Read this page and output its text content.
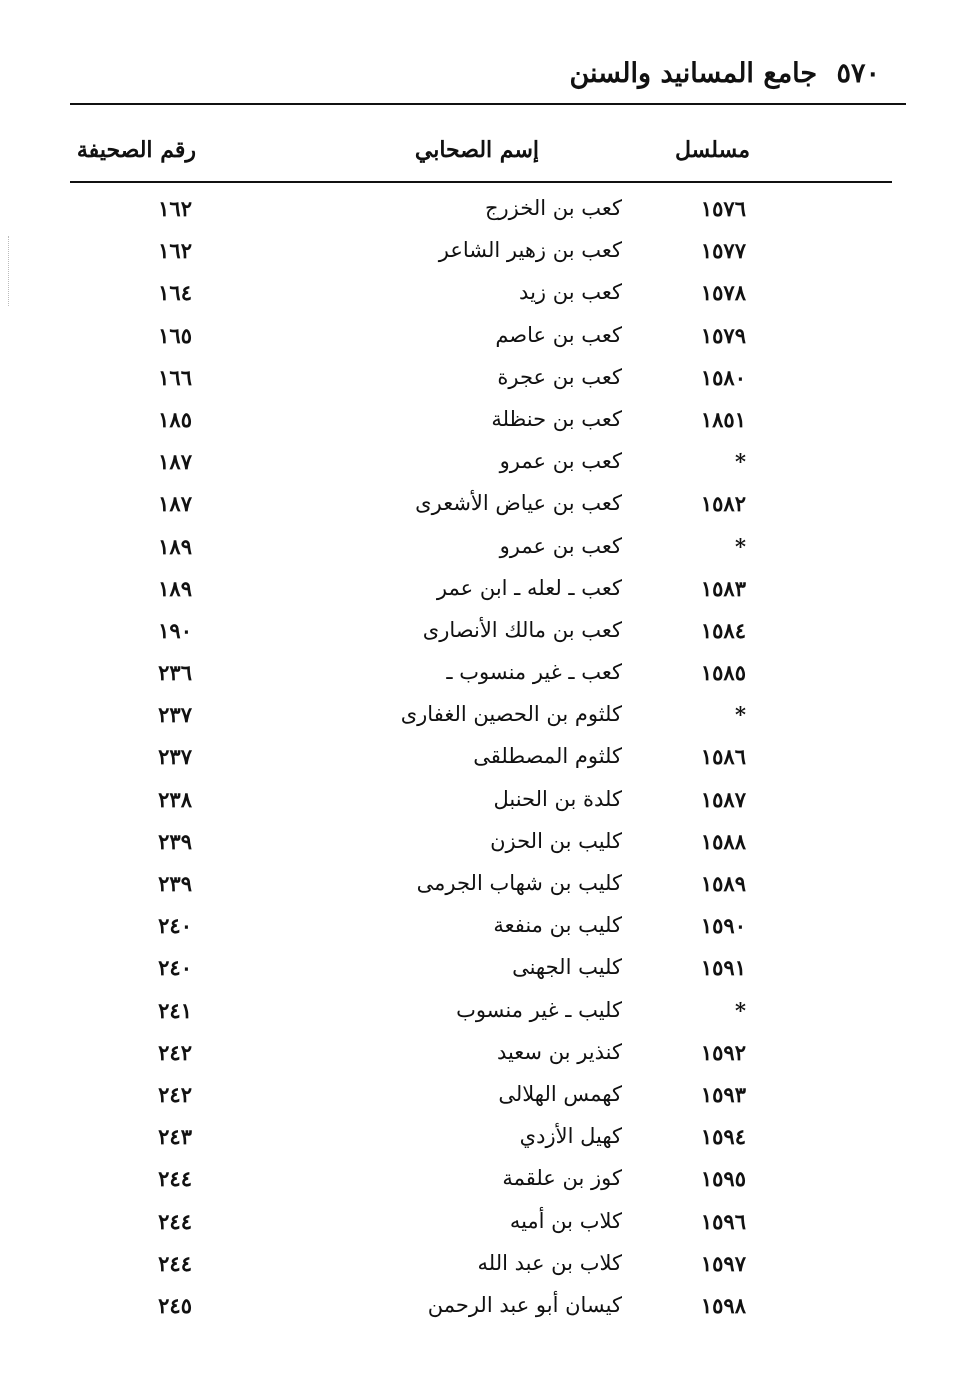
٥٧٠ جامع المسانيد والسنن
مسلسل
إسم الصحابي
رقم الصحيفة
١٥٧٦
كعب بن الخزرج
١٦٢
١٥٧٧
كعب بن زهير الشاعر
١٦٢
١٥٧٨
كعب بن زيد
١٦٤
١٥٧٩
كعب بن عاصم
١٦٥
١٥٨٠
كعب بن عجرة
١٦٦
١٨٥١
كعب بن حنظلة
١٨٥
*
كعب بن عمرو
١٨٧
١٥٨٢
كعب بن عياض الأشعرى
١٨٧
*
كعب بن عمرو
١٨٩
١٥٨٣
كعب ـ لعله ـ ابن عمر
١٨٩
١٥٨٤
كعب بن مالك الأنصارى
١٩٠
١٥٨٥
كعب ـ غير منسوب ـ
٢٣٦
*
كلثوم بن الحصين الغفارى
٢٣٧
١٥٨٦
كلثوم المصطلقى
٢٣٧
١٥٨٧
كلدة بن الحنبل
٢٣٨
١٥٨٨
كليب بن الحزن
٢٣٩
١٥٨٩
كليب بن شهاب الجرمى
٢٣٩
١٥٩٠
كليب بن منفعة
٢٤٠
١٥٩١
كليب الجهنى
٢٤٠
*
كليب ـ غير منسوب
٢٤١
١٥٩٢
كنذير بن سعيد
٢٤٢
١٥٩٣
كهمس الهلالى
٢٤٢
١٥٩٤
كهيل الأزدي
٢٤٣
١٥٩٥
كوز بن علقمة
٢٤٤
١٥٩٦
كلاب بن أميه
٢٤٤
١٥٩٧
كلاب بن عبد الله
٢٤٤
١٥٩٨
كيسان أبو عبد الرحمن
٢٤٥
